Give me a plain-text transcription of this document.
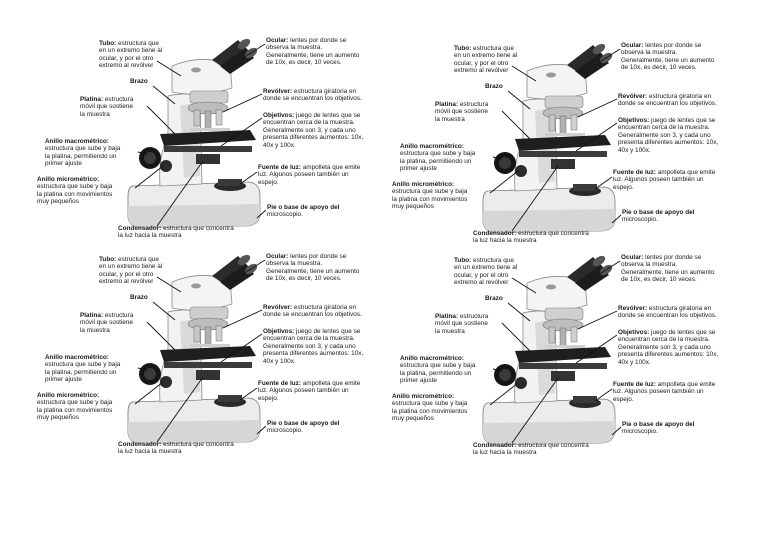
Tubo: estructura que
en un extremo tiene al
ocular, y por el otro
extremo al revólver

Ocular: lentes por donde se
observa la muestra.
Generalmente, tiene un aumento
de 10x, es decir, 10 veces.

Brazo

Revólver: estructura giratoria en
donde se encuentran los objetivos.

Platina: estructura
móvil que sostiene
la muestra	Objetivos: juego de lentes que se
encuentran cerca de la muestra.
Generalmente son 3, y cada uno
presenta diferentes aumentos: 10x,
40x y 100x.

Anillo macrométrico:
estructura que sube y baja
la platina, permitiendo un
primer ajuste

Fuente de luz: ampolleta que emite
luz. Algunos poseen también un
espejo.

Anillo micrométrico:
estructura que sube y baja
la platina con movimientos
muy pequeños

Pie o base de apoyo del
microscopio.

Condensador: estructura que concentra
la luz hacia la muestra

Tubo: estructura que
en un extremo tiene al
ocular, y por el otro
extremo al revólver

Ocular: lentes por donde se
observa la muestra.
Generalmente, tiene un aumento
de 10x, es decir, 10 veces.

Brazo

Revólver: estructura giratoria en
donde se encuentran los objetivos.

Platina: estructura
móvil que sostiene
la muestra	Objetivos: juego de lentes que se
encuentran cerca de la muestra.
Generalmente son 3, y cada uno
presenta diferentes aumentos: 10x,
40x y 100x.

Anillo macrométrico:
estructura que sube y baja
la platina, permitiendo un
primer ajuste

Fuente de luz: ampolleta que emite
luz. Algunos poseen también un
espejo.

Anillo micrométrico:
estructura que sube y baja
la platina con movimientos
muy pequeños

Pie o base de apoyo del
microscopio.

Condensador: estructura que concentra
la luz hacia la muestra

Tubo: estructura que
en un extremo tiene al
ocular, y por el otro
extremo al revólver

Ocular: lentes por donde se
observa la muestra.
Generalmente, tiene un aumento
de 10x, es decir, 10 veces.

Brazo

Revólver: estructura giratoria en
donde se encuentran los objetivos.

Platina: estructura
móvil que sostiene
la muestra	Objetivos: juego de lentes que se
encuentran cerca de la muestra.
Generalmente son 3, y cada uno
presenta diferentes aumentos: 10x,
40x y 100x.

Anillo macrométrico:
estructura que sube y baja
la platina, permitiendo un
primer ajuste

Fuente de luz: ampolleta que emite
luz. Algunos poseen también un
espejo.

Anillo micrométrico:
estructura que sube y baja
la platina con movimientos
muy pequeños

Pie o base de apoyo del
microscopio.

Condensador: estructura que concentra
la luz hacia la muestra

Tubo: estructura que
en un extremo tiene al
ocular, y por el otro
extremo al revólver

Ocular: lentes por donde se
observa la muestra.
Generalmente, tiene un aumento
de 10x, es decir, 10 veces.

Brazo

Revólver: estructura giratoria en
donde se encuentran los objetivos.

Platina: estructura
móvil que sostiene
la muestra	Objetivos: juego de lentes que se
encuentran cerca de la muestra.
Generalmente son 3, y cada uno
presenta diferentes aumentos: 10x,
40x y 100x.

Anillo macrométrico:
estructura que sube y baja
la platina, permitiendo un
primer ajuste

Fuente de luz: ampolleta que emite
luz. Algunos poseen también un
espejo.

Anillo micrométrico:
estructura que sube y baja
la platina con movimientos
muy pequeños

Pie o base de apoyo del
microscopio.

Condensador: estructura que concentra
la luz hacia la muestra
